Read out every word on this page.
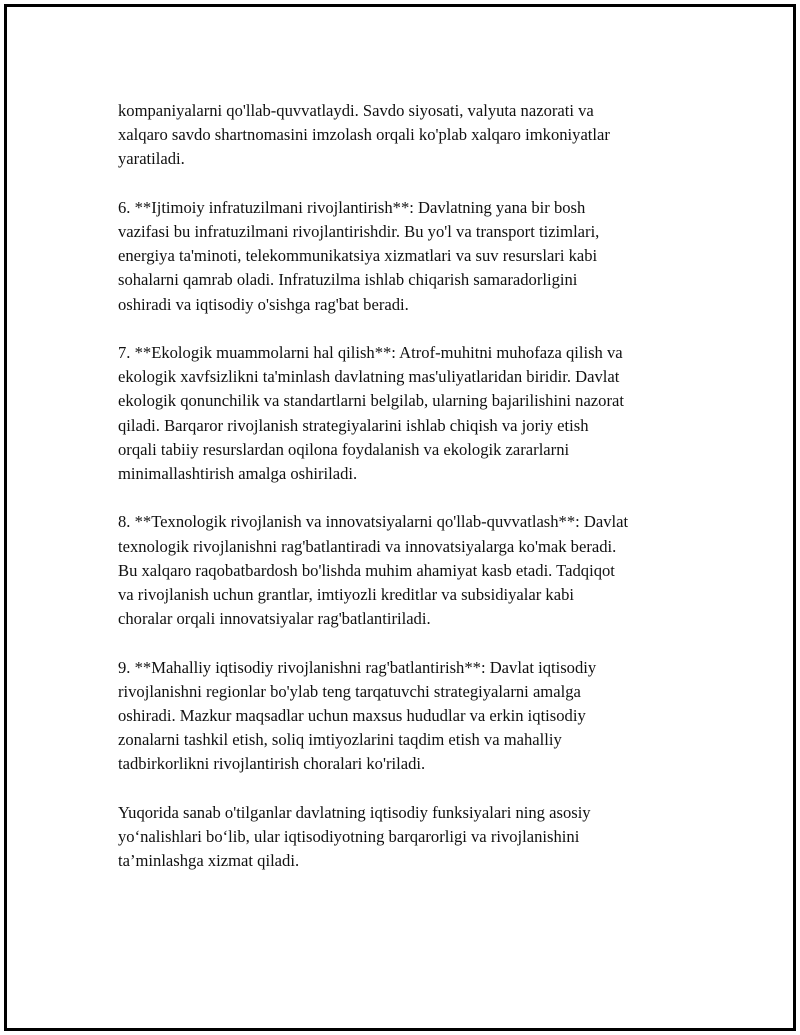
kompaniyalarni qo'llab-quvvatlaydi. Savdo siyosati, valyuta nazorati va
xalqaro savdo shartnomasini imzolash orqali ko'plab xalqaro imkoniyatlar
yaratiladi.

6. **Ijtimoiy infratuzilmani rivojlantirish**: Davlatning yana bir bosh
vazifasi bu infratuzilmani rivojlantirishdir. Bu yo'l va transport tizimlari,
energiya ta'minoti, telekommunikatsiya xizmatlari va suv resurslari kabi
sohalarni qamrab oladi. Infratuzilma ishlab chiqarish samaradorligini
oshiradi va iqtisodiy o'sishga rag'bat beradi.

7. **Ekologik muammolarni hal qilish**: Atrof-muhitni muhofaza qilish va
ekologik xavfsizlikni ta'minlash davlatning mas'uliyatlaridan biridir. Davlat
ekologik qonunchilik va standartlarni belgilab, ularning bajarilishini nazorat
qiladi. Barqaror rivojlanish strategiyalarini ishlab chiqish va joriy etish
orqali tabiiy resurslardan oqilona foydalanish va ekologik zararlarni
minimallashtirish amalga oshiriladi.

8. **Texnologik rivojlanish va innovatsiyalarni qo'llab-quvvatlash**: Davlat
texnologik rivojlanishni rag'batlantiradi va innovatsiyalarga ko'mak beradi.
Bu xalqaro raqobatbardosh bo'lishda muhim ahamiyat kasb etadi. Tadqiqot
va rivojlanish uchun grantlar, imtiyozli kreditlar va subsidiyalar kabi
choralar orqali innovatsiyalar rag'batlantiriladi.

9. **Mahalliy iqtisodiy rivojlanishni rag'batlantirish**: Davlat iqtisodiy
rivojlanishni regionlar bo'ylab teng tarqatuvchi strategiyalarni amalga
oshiradi. Mazkur maqsadlar uchun maxsus hududlar va erkin iqtisodiy
zonalarni tashkil etish, soliq imtiyozlarini taqdim etish va mahalliy
tadbirkorlikni rivojlantirish choralari ko'riladi.

Yuqorida sanab o'tilganlar davlatning iqtisodiy funksiyalari ning asosiy
yo‘nalishlari bo‘lib, ular iqtisodiyotning barqarorligi va rivojlanishini
ta’minlashga xizmat qiladi.
